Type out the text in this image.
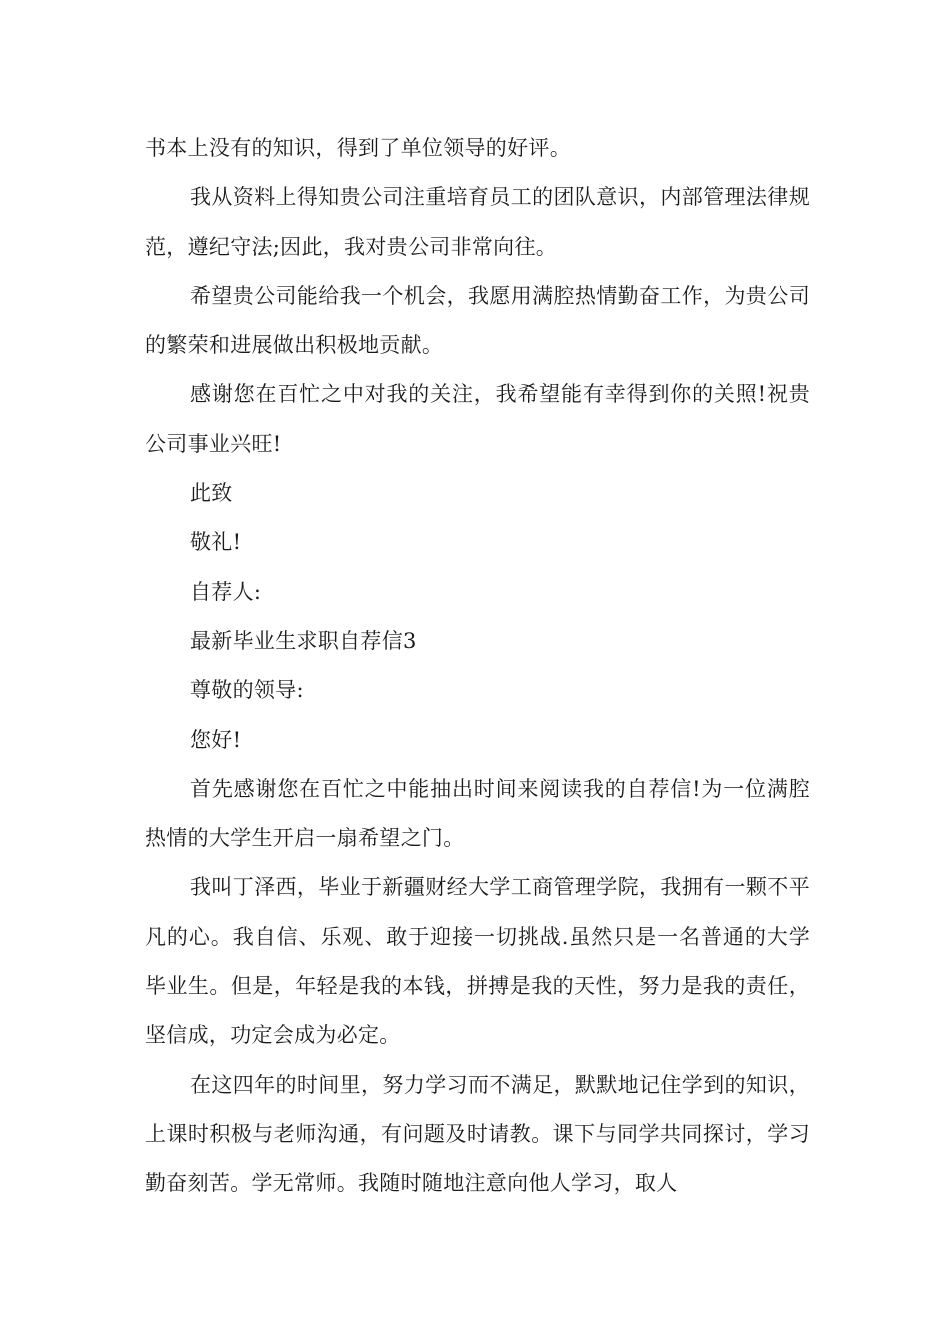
书本上没有的知识，得到了单位领导的好评。

我从资料上得知贵公司注重培育员工的团队意识，内部管理法律规范，遵纪守法;因此，我对贵公司非常向往。

希望贵公司能给我一个机会，我愿用满腔热情勤奋工作，为贵公司的繁荣和进展做出积极地贡献。

感谢您在百忙之中对我的关注，我希望能有幸得到你的关照!祝贵公司事业兴旺!

此致

敬礼!

自荐人:

最新毕业生求职自荐信3

尊敬的领导:

您好!

首先感谢您在百忙之中能抽出时间来阅读我的自荐信!为一位满腔热情的大学生开启一扇希望之门。

我叫丁泽西，毕业于新疆财经大学工商管理学院，我拥有一颗不平凡的心。我自信、乐观、敢于迎接一切挑战.虽然只是一名普通的大学毕业生。但是，年轻是我的本钱，拼搏是我的天性，努力是我的责任，坚信成，功定会成为必定。

在这四年的时间里，努力学习而不满足，默默地记住学到的知识，上课时积极与老师沟通，有问题及时请教。课下与同学共同探讨，学习勤奋刻苦。学无常师。我随时随地注意向他人学习，取人
